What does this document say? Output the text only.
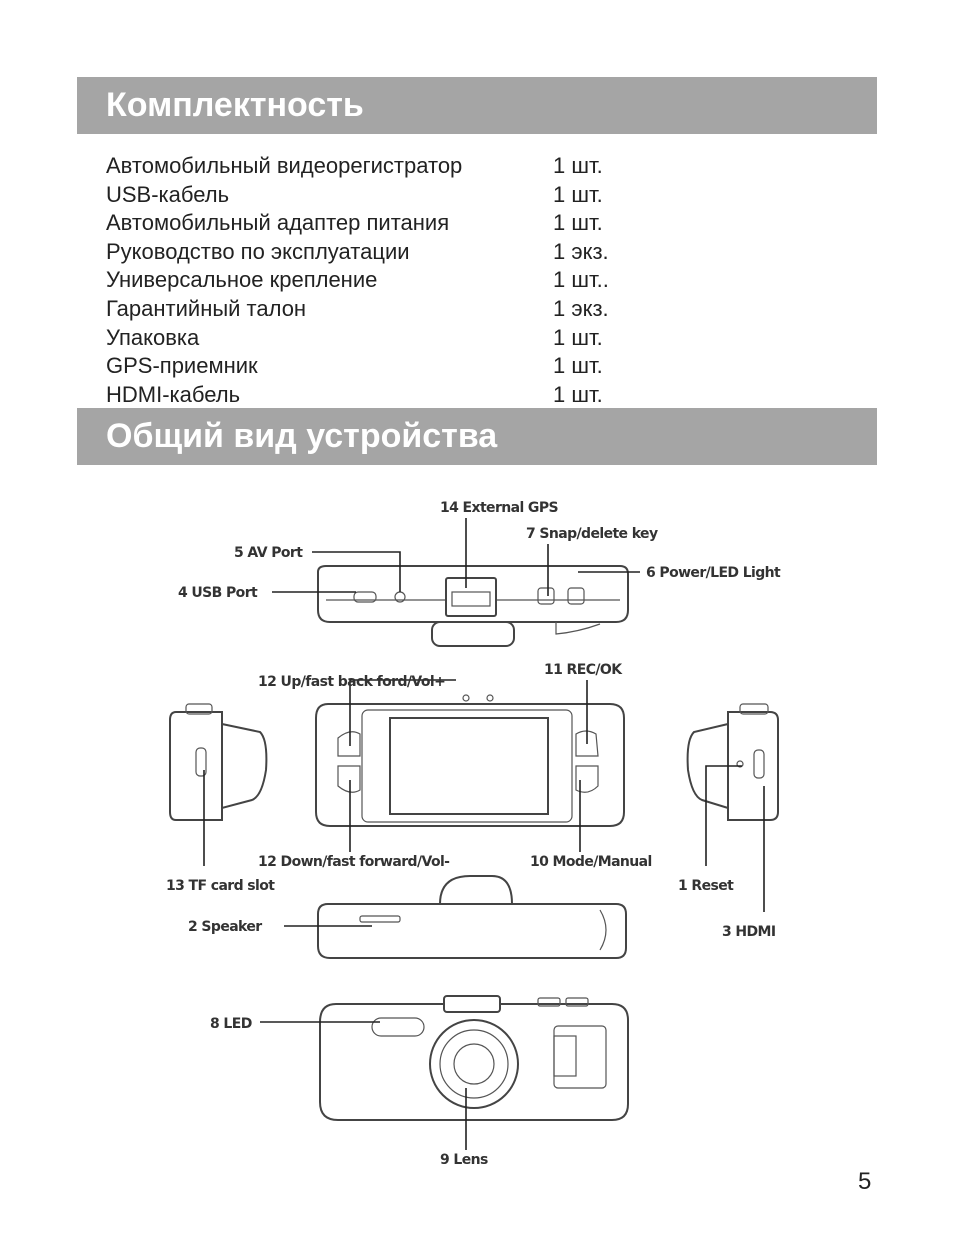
Комплектность
Автомобильный видеорегистратор	1 шт.
USB-кабель	1 шт.
Автомобильный адаптер питания	1 шт.
Руководство по эксплуатации	1 экз.
Универсальное крепление	1 шт..
Гарантийный талон	1 экз.
Упаковка	1 шт.
GPS-приемник	1 шт.
HDMI-кабель	1 шт.
Общий вид устройства
14 External GPS
7 Snap/delete key
5 AV Port
6 Power/LED Light
4 USB Port
11 REC/OK
12 Up/fast back ford/Vol+
12 Down/fast forward/Vol-	10 Mode/Manual
13 TF card slot	1 Reset
2 Speaker	3 HDMI
8 LED
9 Lens
5
